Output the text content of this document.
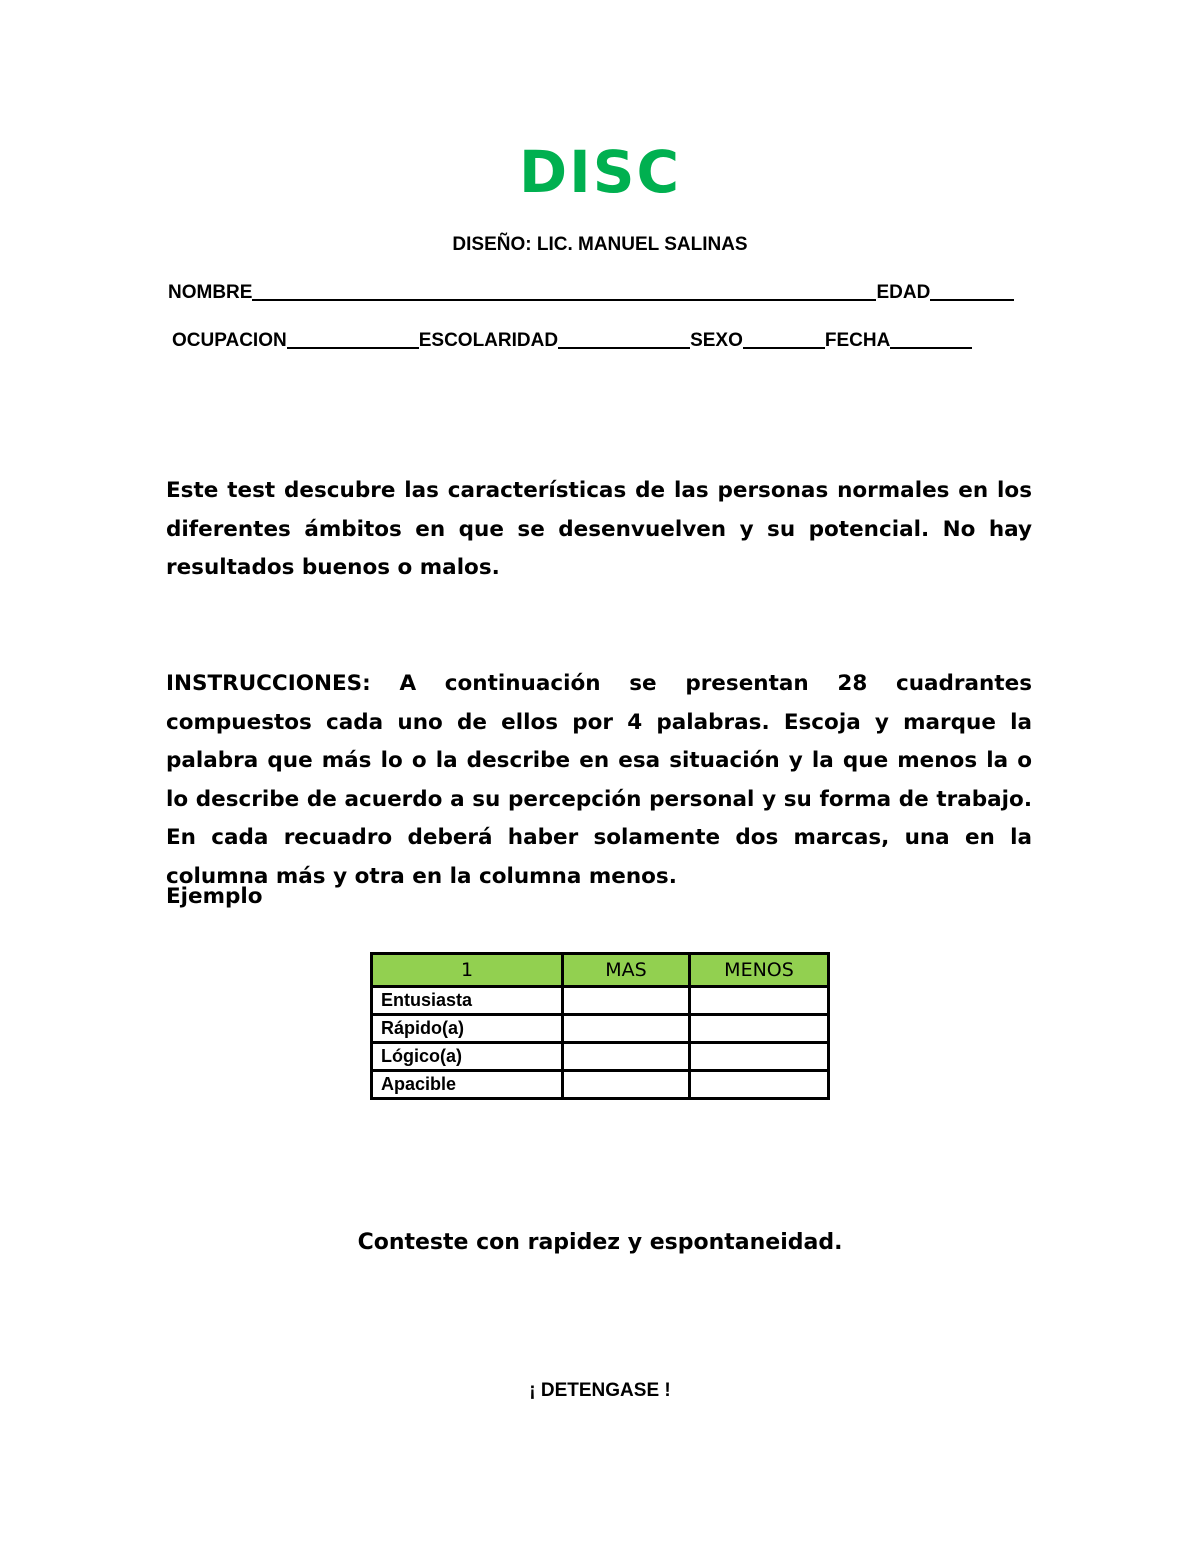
DISC
DISEÑO: LIC. MANUEL SALINAS
NOMBRE	EDAD
OCUPACION	ESCOLARIDAD	SEXO	FECHA
Este test descubre las características de las personas normales en los diferentes ámbitos en que se desenvuelven y su potencial. No hay resultados buenos o malos.
INSTRUCCIONES: A continuación se presentan 28 cuadrantes compuestos cada uno de ellos por 4 palabras. Escoja y marque la palabra que más lo o la describe en esa situación y la que menos la o lo describe de acuerdo a su percepción personal y su forma de trabajo. En cada recuadro deberá haber solamente dos marcas, una en la columna más y otra en la columna menos.
Ejemplo
1	MAS	MENOS
Entusiasta		
Rápido(a)		
Lógico(a)		
Apacible		
Conteste con rapidez y espontaneidad.
¡ DETENGASE !
